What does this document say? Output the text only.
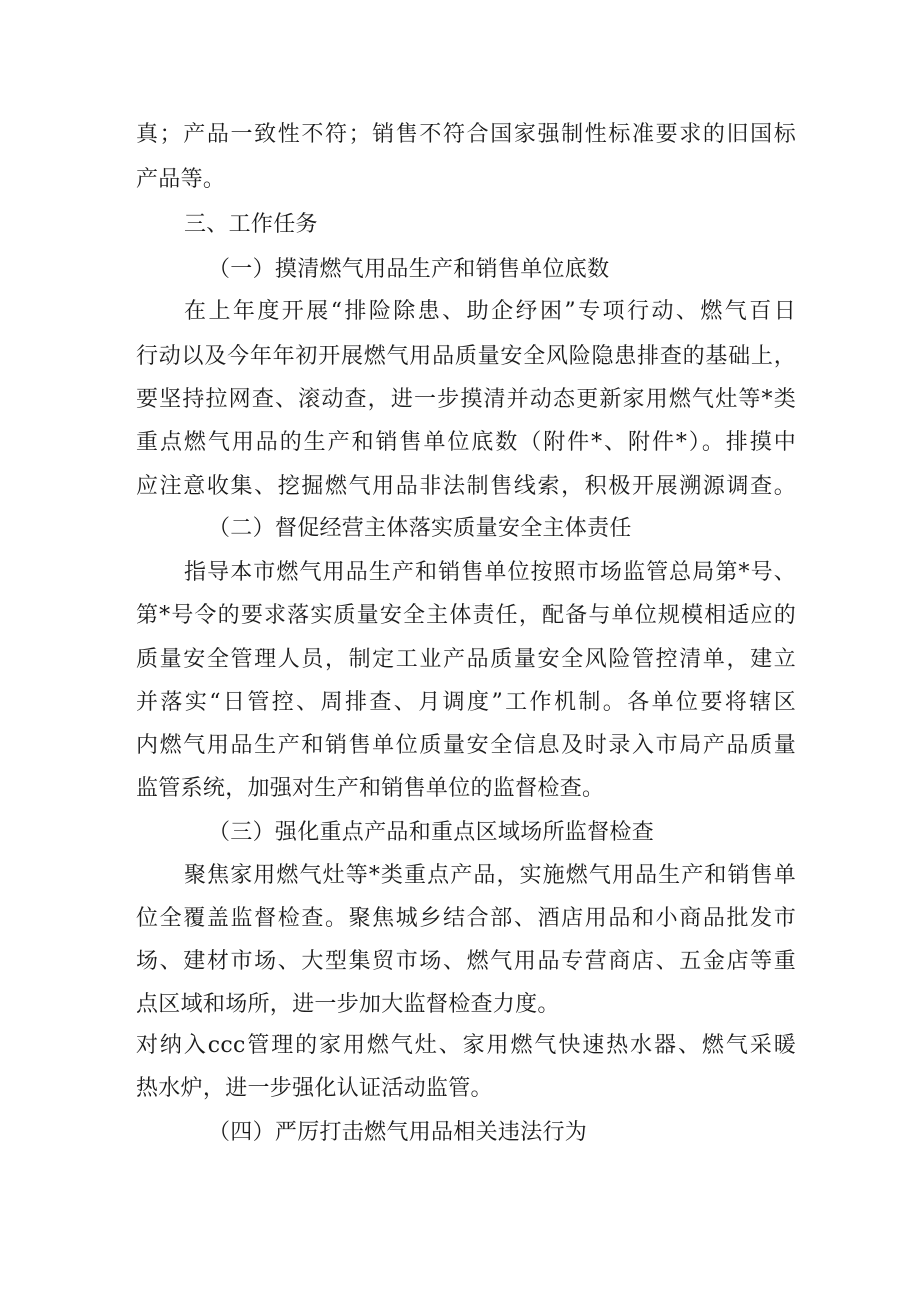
真；产品一致性不符；销售不符合国家强制性标准要求的旧国标
产品等。
三、工作任务
（一）摸清燃气用品生产和销售单位底数
在上年度开展“排险除患、助企纾困”专项行动、燃气百日
行动以及今年年初开展燃气用品质量安全风险隐患排查的基础上，
要坚持拉网查、滚动查，进一步摸清并动态更新家用燃气灶等*类
重点燃气用品的生产和销售单位底数（附件*、附件*）。排摸中
应注意收集、挖掘燃气用品非法制售线索，积极开展溯源调查。
（二）督促经营主体落实质量安全主体责任
指导本市燃气用品生产和销售单位按照市场监管总局第*号、
第*号令的要求落实质量安全主体责任，配备与单位规模相适应的
质量安全管理人员，制定工业产品质量安全风险管控清单，建立
并落实“日管控、周排查、月调度”工作机制。各单位要将辖区
内燃气用品生产和销售单位质量安全信息及时录入市局产品质量
监管系统，加强对生产和销售单位的监督检查。
（三）强化重点产品和重点区域场所监督检查
聚焦家用燃气灶等*类重点产品，实施燃气用品生产和销售单
位全覆盖监督检查。聚焦城乡结合部、酒店用品和小商品批发市
场、建材市场、大型集贸市场、燃气用品专营商店、五金店等重
点区域和场所，进一步加大监督检查力度。
对纳入ccc管理的家用燃气灶、家用燃气快速热水器、燃气采暖
热水炉，进一步强化认证活动监管。
（四）严厉打击燃气用品相关违法行为
